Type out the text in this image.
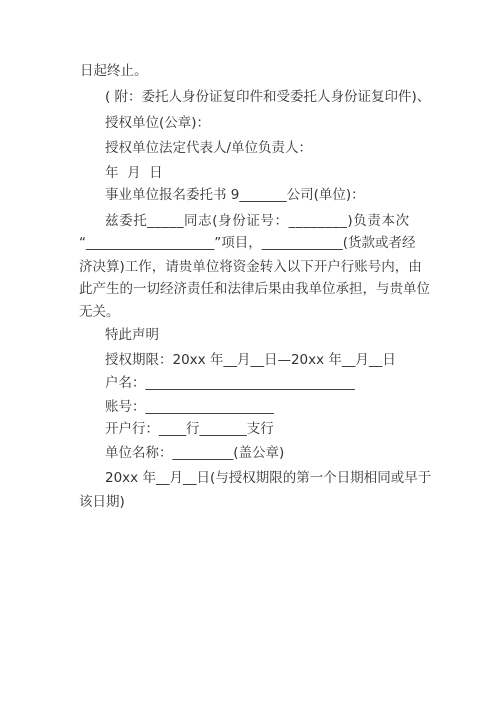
日起终止。
( 附：委托人身份证复印件和受委托人身份证复印件)、
授权单位(公章)：
授权单位法定代表人/单位负责人：
年  月  日
事业单位报名委托书 9_______公司(单位)：
兹委托_____同志(身份证号：________)负责本次
“___________________”项目，____________(货款或者经
济决算)工作，请贵单位将资金转入以下开户行账号内，由
此产生的一切经济责任和法律后果由我单位承担，与贵单位
无关。
特此声明
授权期限：20xx 年__月__日—20xx 年__月__日
户名：_______________________________
账号：___________________
开户行：____行_______支行
单位名称：_________(盖公章)
20xx 年__月__日(与授权期限的第一个日期相同或早于
该日期)
